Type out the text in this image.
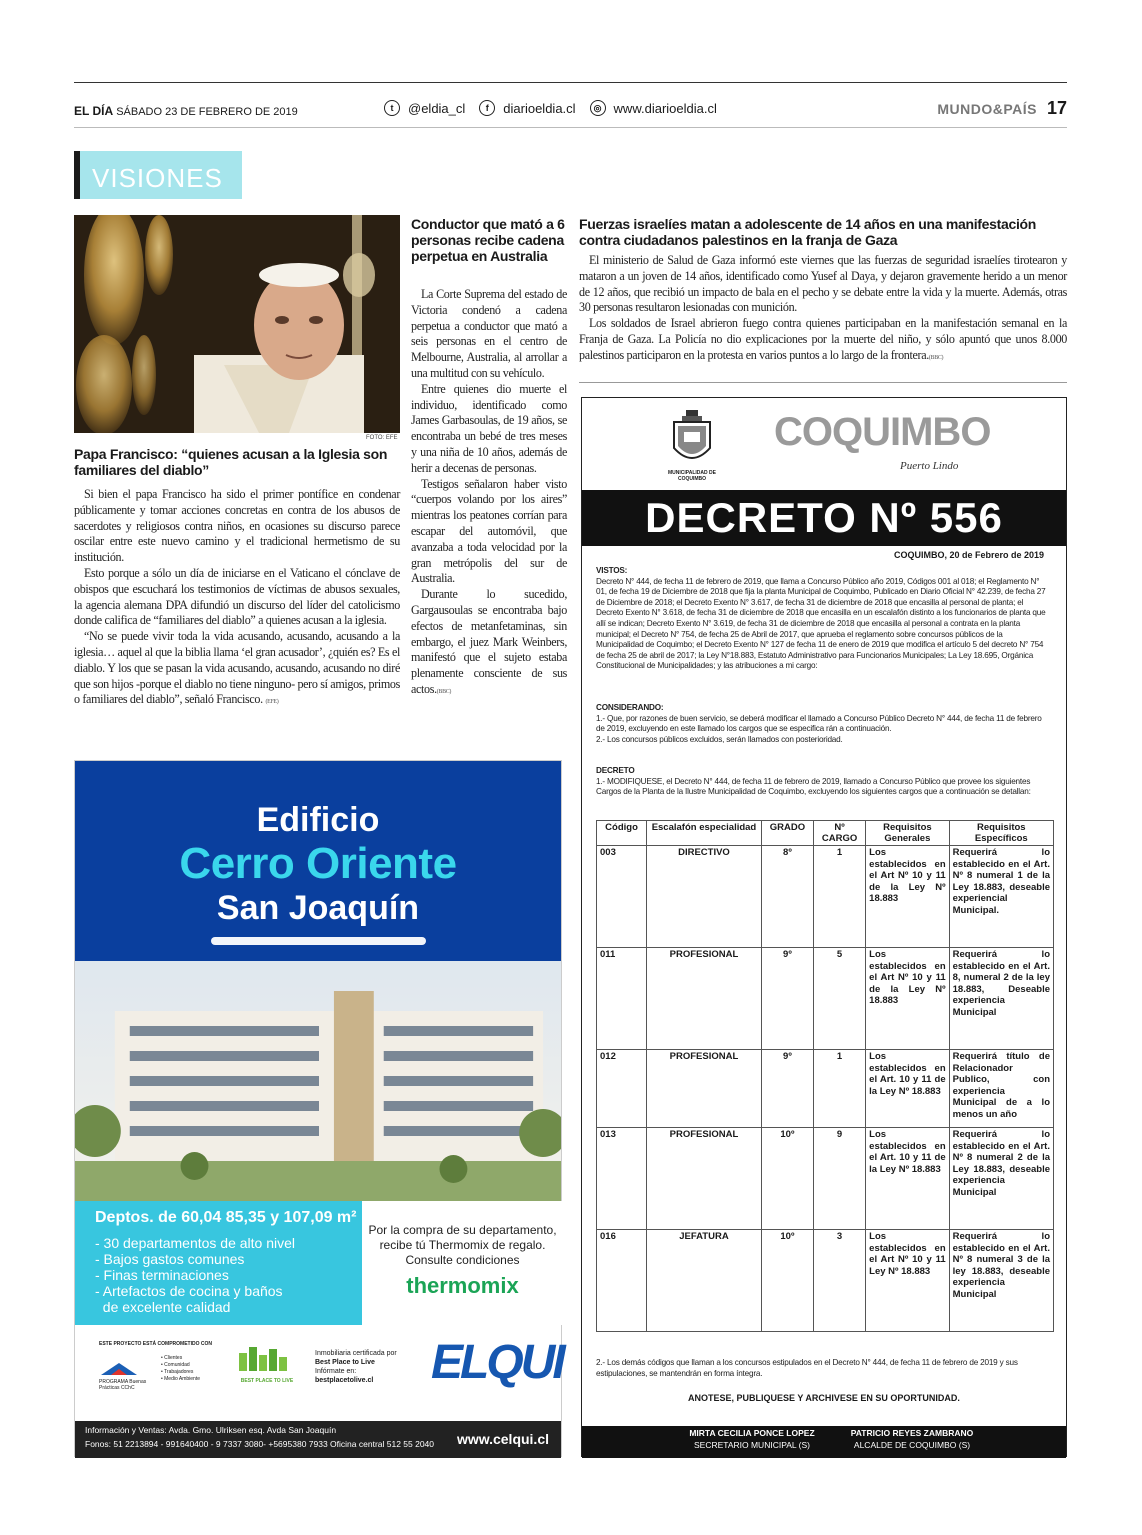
EL DÍA SÁBADO 23 DE FEBRERO DE 2019	t	@eldia_cl	f	diarioeldia.cl	◎ www.diarioeldia.cl	MUNDO&PAÍS 17
VISIONES
FOTO: EFE
Papa Francisco: “quienes acusan a la Iglesia son familiares del diablo”

Si bien el papa Francisco ha sido el primer pontífice en condenar públicamente y tomar acciones concretas en contra de los abusos de sacerdotes y religiosos contra niños, en ocasiones su discurso parece oscilar entre este nuevo camino y el tradicional hermetismo de su institución.

Esto porque a sólo un día de iniciarse en el Vaticano el cónclave de obispos que escuchará los testimonios de víctimas de abusos sexuales, la agencia alemana DPA difundió un discurso del líder del catolicismo donde califica de “familiares del diablo” a quienes acusan a la iglesia.

“No se puede vivir toda la vida acusando, acusando, acusando a la iglesia… aquel al que la biblia llama ‘el gran acusador’, ¿quién es? Es el diablo. Y los que se pasan la vida acusando, acusando, acusando no diré que son hijos -porque el diablo no tiene ninguno- pero sí amigos, primos o familiares del diablo”, señaló Francisco. (EFE)

Conductor que mató a 6 personas recibe cadena perpetua en Australia

La Corte Suprema del estado de Victoria condenó a cadena perpetua a conductor que mató a seis personas en el centro de Melbourne, Australia, al arrollar a una multitud con su vehículo.

Entre quienes dio muerte el individuo, identificado como James Garbasoulas, de 19 años, se encontraba un bebé de tres meses y una niña de 10 años, además de herir a decenas de personas.

Testigos señalaron haber visto “cuerpos volando por los aires” mientras los peatones corrían para escapar del automóvil, que avanzaba a toda velocidad por la gran metrópolis del sur de Australia.

Durante lo sucedido, Gargausoulas se encontraba bajo efectos de metanfetaminas, sin embargo, el juez Mark Weinbers, manifestó que el sujeto estaba plenamente consciente de sus actos.(BBC)

Fuerzas israelíes matan a adolescente de 14 años en una manifestación contra ciudadanos palestinos en la franja de Gaza

El ministerio de Salud de Gaza informó este viernes que las fuerzas de seguridad israelíes tirotearon y mataron a un joven de 14 años, identificado como Yusef al Daya, y dejaron gravemente herido a un menor de 12 años, que recibió un impacto de bala en el pecho y se debate entre la vida y la muerte. Además, otras 30 personas resultaron lesionadas con munición.

Los soldados de Israel abrieron fuego contra quienes participaban en la manifestación semanal en la Franja de Gaza. La Policía no dio explicaciones por la muerte del niño, y sólo apuntó que unos 8.000 palestinos participaron en la protesta en varios puntos a lo largo de la frontera.(BBC)

MUNICIPALIDAD DE COQUIMBO
COQUIMBO
Puerto Lindo
DECRETO Nº 556
COQUIMBO, 20 de Febrero de 2019
VISTOS:
Decreto N° 444, de fecha 11 de febrero de 2019, que llama a Concurso Público año 2019, Códigos 001 al 018; el Reglamento N° 01, de fecha 19 de Diciembre de 2018 que fija la planta Municipal de Coquimbo, Publicado en Diario Oficial N° 42.239, de fecha 27 de Diciembre de 2018; el Decreto Exento N° 3.617, de fecha 31 de diciembre de 2018 que encasilla al personal de planta; el Decreto Exento N° 3.618, de fecha 31 de diciembre de 2018 que encasilla en un escalafón distinto a los funcionarios de planta que allí se indican; Decreto Exento N° 3.619, de fecha 31 de diciembre de 2018 que encasilla al personal a contrata en la planta municipal; el Decreto N° 754, de fecha 25 de Abril de 2017, que aprueba el reglamento sobre concursos públicos de la Municipalidad de Coquimbo; el Decreto Exento N° 127 de fecha 11 de enero de 2019 que modifica el artículo 5 del decreto N° 754 de fecha 25 de abril de 2017; la Ley N°18.883, Estatuto Administrativo para Funcionarios Municipales; La Ley 18.695, Orgánica Constitucional de Municipalidades; y las atribuciones a mi cargo:
CONSIDERANDO:
1.- Que, por razones de buen servicio, se deberá modificar el llamado a Concurso Público Decreto N° 444, de fecha 11 de febrero de 2019, excluyendo en este llamado los cargos que se especifica rán a continuación.
2.- Los concursos públicos excluidos, serán llamados con posterioridad.
DECRETO
1.- MODIFIQUESE, el Decreto N° 444, de fecha 11 de febrero de 2019, llamado a Concurso Público que provee los siguientes Cargos de la Planta de la Ilustre Municipalidad de Coquimbo, excluyendo los siguientes cargos que a continuación se detallan:
Código	Escalafón especialidad	GRADO	Nº CARGO	Requisitos Generales	Requisitos Específicos
003	DIRECTIVO	8º	1	Los establecidos en el Art Nº 10 y 11 de la Ley Nº 18.883	Requerirá lo establecido en el Art. Nº 8 numeral 1 de la Ley 18.883, deseable experiencial Municipal.
011	PROFESIONAL	9º	5	Los establecidos en el Art Nº 10 y 11 de la Ley Nº 18.883	Requerirá lo establecido en el Art. 8, numeral 2 de la ley 18.883, Deseable experiencia Municipal
012	PROFESIONAL	9º	1	Los establecidos en el Art. 10 y 11 de la Ley Nº 18.883	Requerirá título de Relacionador Publico, con experiencia Municipal de a lo menos un año
013	PROFESIONAL	10º	9	Los establecidos en el Art. 10 y 11 de la Ley Nº 18.883	Requerirá lo establecido en el Art. Nº 8 numeral 2 de la Ley 18.883, deseable experiencia Municipal
016	JEFATURA	10º	3	Los establecidos en el Art Nº 10 y 11 Ley Nº 18.883	Requerirá lo establecido en el Art. Nº 8 numeral 3 de la ley 18.883, deseable experiencia Municipal
2.- Los demás códigos que llaman a los concursos estipulados en el Decreto N° 444, de fecha 11 de febrero de 2019 y sus estipulaciones, se mantendrán en forma íntegra.
ANOTESE, PUBLIQUESE Y ARCHIVESE EN SU OPORTUNIDAD.
MIRTA CECILIA PONCE LOPEZ
SECRETARIO MUNICIPAL (S)
PATRICIO REYES ZAMBRANO
ALCALDE DE COQUIMBO (S)
Edificio
Cerro Oriente
San Joaquín
Deptos. de 60,04 85,35 y 107,09 m²
- 30 departamentos de alto nivel
- Bajos gastos comunes
- Finas terminaciones
- Artefactos de cocina y baños
de excelente calidad
Por la compra de su departamento,
recibe tú Thermomix de regalo.
Consulte condiciones
thermomix
ESTE PROYECTO ESTÁ COMPROMETIDO CON
PROGRAMA Buenas Prácticas CChC
• Clientes
• Comunidad
• Trabajadores
• Medio Ambiente	BEST PLACE TO LIVE
Inmobiliaria certificada por
Best Place to Live
Infórmate en:
bestplacetolive.cl	ELQUI
Información y Ventas: Avda. Gmo. Ulriksen esq. Avda San Joaquín
Fonos: 51 2213894 - 991640400 - 9 7337 3080- +5695380 7933 Oficina central 512 55 2040 www.celqui.cl
